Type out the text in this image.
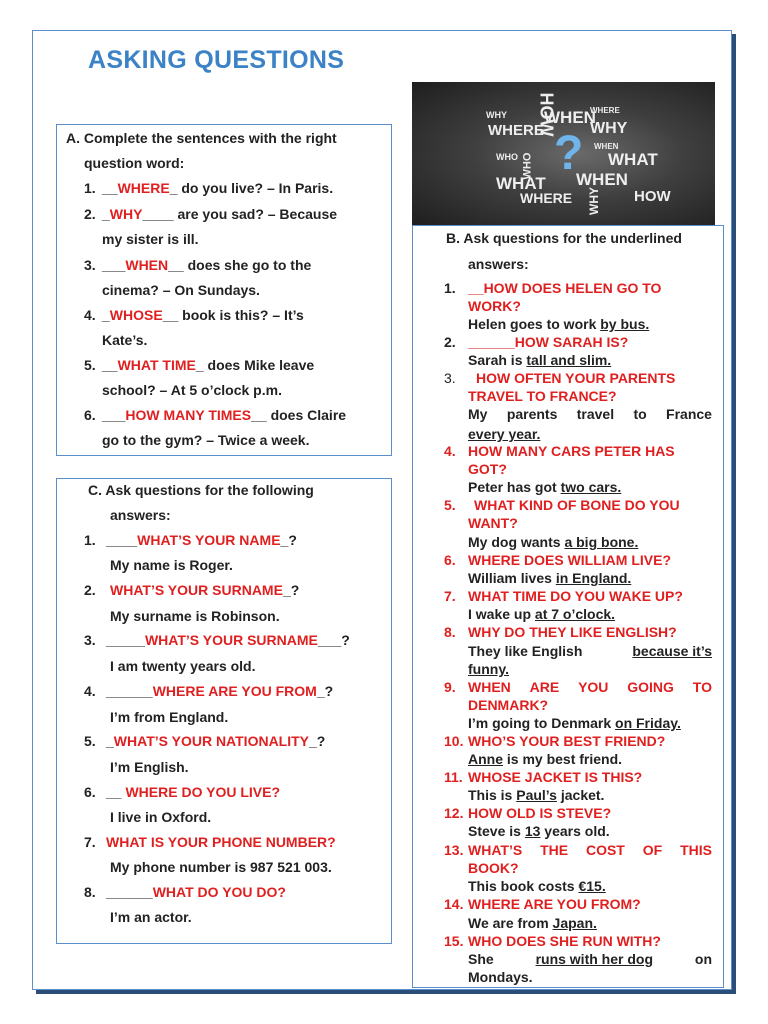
ASKING QUESTIONS
WHY HOW
WHEN
WHERE	WHY
WHAT
WHO ?
WHAT WHEN
HOW
WHERE WHY
WHO
WHERE
WHEN
A. Complete the sentences with the right
question word:
1. __WHERE_ do you live? – In Paris.
2. _WHY____ are you sad? – Because
my sister is ill.
3. ___WHEN__ does she go to the
cinema? – On Sundays.
4. _WHOSE__ book is this? – It’s
Kate’s.
5. __WHAT TIME_ does Mike leave
school? – At 5 o’clock p.m.
6. ___HOW MANY TIMES__ does Claire
go to the gym? – Twice a week.
C. Ask questions for the following
answers:
1. ____WHAT’S YOUR NAME_?
My name is Roger.
2. WHAT’S YOUR SURNAME_?
My surname is Robinson.
3. _____WHAT’S YOUR SURNAME___?
I am twenty years old.
4. ______WHERE ARE YOU FROM_?
I’m from England.
5. _WHAT’S YOUR NATIONALITY_?
I’m English.
6. __ WHERE DO YOU LIVE?
I live in Oxford.
7. WHAT IS YOUR PHONE NUMBER?
My phone number is 987 521 003.
8. ______WHAT DO YOU DO?
I’m an actor.
B. Ask questions for the underlined
answers:
1. __HOW DOES HELEN GO TO
WORK?
Helen goes to work by bus.
2. ______HOW SARAH IS?
Sarah is tall and slim.
3. HOW OFTEN YOUR PARENTS
TRAVEL TO FRANCE?
My parents travel to France
every year.
4. HOW MANY CARS PETER HAS
GOT?
Peter has got two cars.
5. WHAT KIND OF BONE DO YOU
WANT?
My dog wants a big bone.
6. WHERE DOES WILLIAM LIVE?
William lives in England.
7. WHAT TIME DO YOU WAKE UP?
I wake up at 7 o’clock.
8. WHY DO THEY LIKE ENGLISH?
They like English	because it’s
funny.
9. WHEN ARE YOU GOING TO
DENMARK?
I’m going to Denmark on Friday.
10. WHO’S YOUR BEST FRIEND?
Anne is my best friend.
11. WHOSE JACKET IS THIS?
This is Paul’s jacket.
12. HOW OLD IS STEVE?
Steve is 13 years old.
13. WHAT’S THE COST OF THIS
BOOK?
This book costs €15.
14. WHERE ARE YOU FROM?
We are from Japan.
15. WHO DOES SHE RUN WITH?
She	runs with her dog	on
Mondays.
